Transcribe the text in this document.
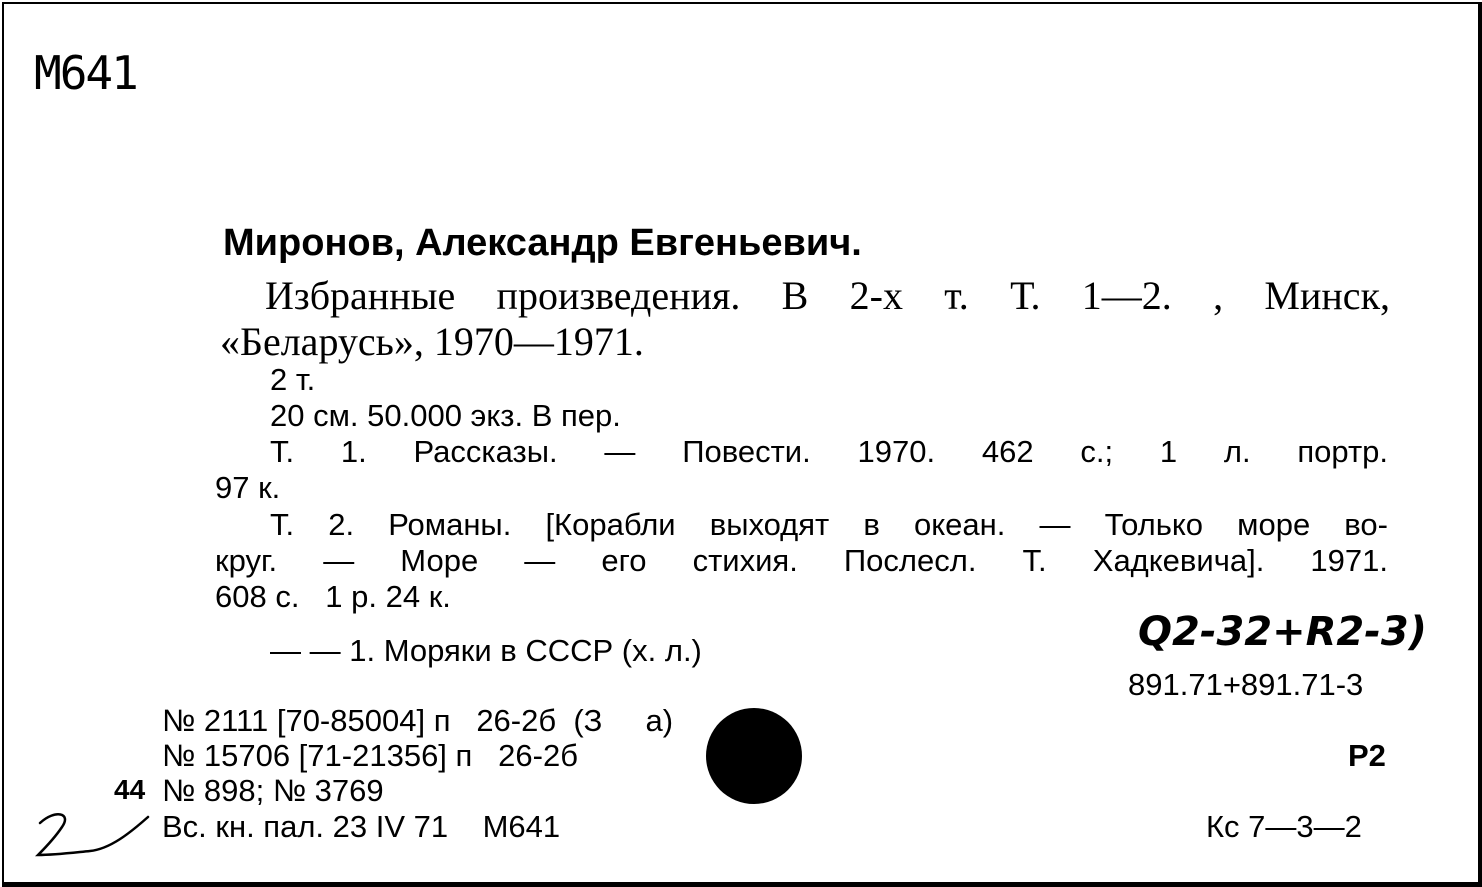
M641
Миронов, Александр Евгеньевич.
Избранные произведения. В 2-х т. Т. 1—2. , Минск,
«Беларусь», 1970—1971.
2 т.
20 см. 50.000 экз. В пер.
Т. 1. Рассказы. — Повести. 1970. 462 с.; 1 л. портр.
97 к.
Т. 2. Романы. [Корабли выходят в океан. — Только море во-
круг. — Море — его стихия. Послесл. Т. Хадкевича]. 1971.
608 с.   1 р. 24 к.
— — 1. Моряки в СССР (х. л.)	Q2-32+R2-3)
891.71+891.71-3
№ 2111 [70-85004] п   26-2б  (З     а)
№ 15706 [71-21356] п   26-2б
44 № 898; № 3769
Вс. кн. пал. 23 IV 71    М641
Р2
Кс 7—3—2
